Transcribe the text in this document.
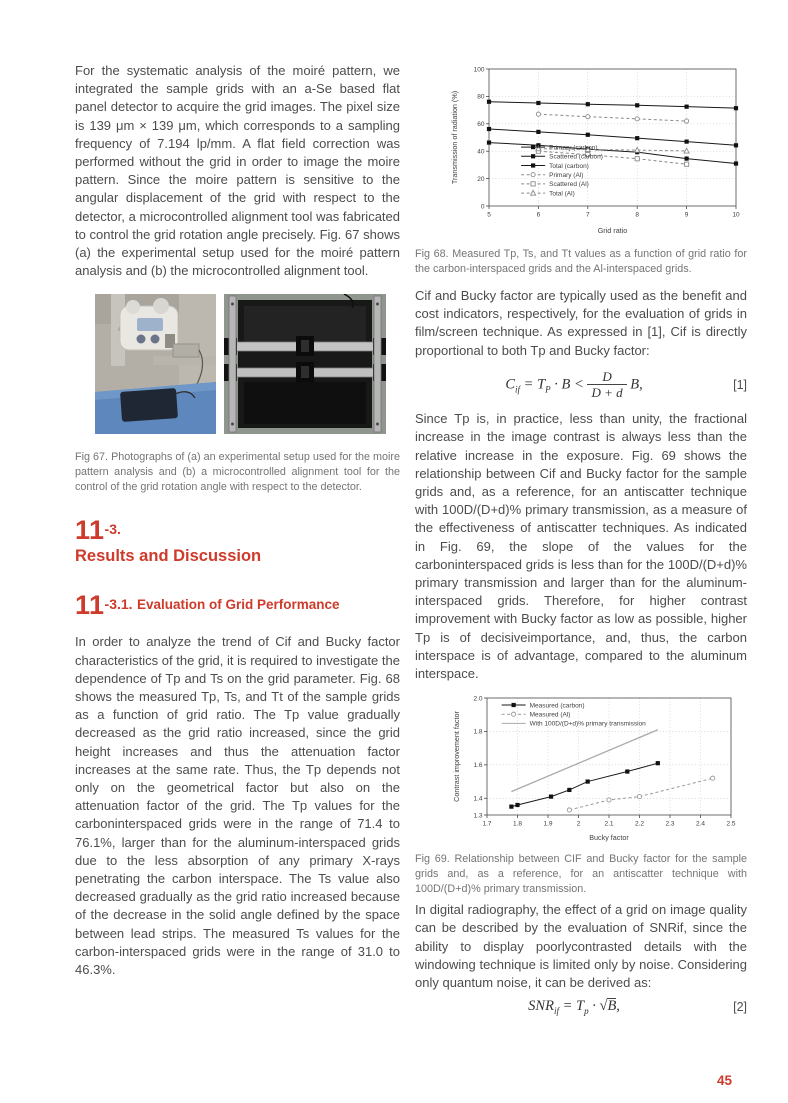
For the systematic analysis of the moiré pattern, we integrated the sample grids with an a-Se based flat panel detector to acquire the grid images. The pixel size is 139 μm × 139 μm, which corresponds to a sampling frequency of 7.194 lp/mm. A flat field correction was performed without the grid in order to image the moire pattern. Since the moire pattern is sensitive to the angular displacement of the grid with respect to the detector, a microcontrolled alignment tool was fabricated to control the grid rotation angle precisely. Fig. 67 shows (a) the experimental setup used for the moiré pattern analysis and (b) the microcontrolled alignment tool.

Fig 67. Photographs of (a) an experimental setup used for the moire pattern analysis and (b) a microcontrolled alignment tool for the control of the grid rotation angle with respect to the detector.

11-3.
Results and Discussion
11-3.1. $^{Evaluation of Grid Performance}$

In order to analyze the trend of Cif and Bucky factor characteristics of the grid, it is required to investigate the dependence of Tp and Ts on the grid parameter. Fig. 68 shows the measured Tp, Ts, and Tt of the sample grids as a function of grid ratio. The Tp value gradually decreased as the grid ratio increased, since the grid height increases and thus the attenuation factor increases at the same rate. Thus, the Tp depends not only on the geometrical factor but also on the attenuation factor of the grid. The Tp values for the carboninterspaced grids were in the range of 71.4 to 76.1%, larger than for the aluminum-interspaced grids due to the less absorption of any primary X-rays penetrating the carbon interspace. The Ts value also decreased gradually as the grid ratio increased because of the decrease in the solid angle defined by the space between lead strips. The measured Ts values for the carbon-interspaced grids were in the range of 31.0 to 46.3%.

5	6	7	8	9	10
0
20
40
60
80
100
Grid ratio
Transmission of radiation (%)	Primary (carbon)
Scattered (carbon)
Total (carbon)
Primary (Al)
Scattered (Al)
Total (Al)

Fig 68. Measured Tp, Ts, and Tt values as a function of grid ratio for the carbon-interspaced grids and the Al-interspaced grids.

Cif and Bucky factor are typically used as the benefit and cost indicators, respectively, for the evaluation of grids in film/screen technique. As expressed in [1], Cif is directly proportional to both Tp and Bucky factor:

$C_{if} = T_P \cdot B < \frac{D}{D + d} B$,	[1]

Since Tp is, in practice, less than unity, the fractional increase in the image contrast is always less than the relative increase in the exposure. Fig. 69 shows the relationship between Cif and Bucky factor for the sample grids and, as a reference, for an antiscatter technique with 100D/(D+d)% primary transmission, as a measure of the effectiveness of antiscatter techniques. As indicated in Fig. 69, the slope of the values for the carboninterspaced grids is less than for the 100D/(D+d)% primary transmission and larger than for the aluminum-interspaced grids. Therefore, for higher contrast improvement with Bucky factor as low as possible, higher Tp is of decisiveimportance, and, thus, the carbon interspace is of advantage, compared to the aluminum interspace.

1.7	1.8	1.9	2	2.1	2.2	2.3	2.4	2.5
1.3
1.4
1.6
1.8
2.0
Bucky factor
Contrast improvement factor
Measured (carbon)
Measured (Al)
With 100D/(D+d)% primary transmission

Fig 69. Relationship between CIF and Bucky factor for the sample grids and, as a reference, for an antiscatter technique with 100D/(D+d)% primary transmission.

In digital radiography, the effect of a grid on image quality can be described by the evaluation of SNRif, since the ability to display poorlycontrasted details with the windowing technique is limited only by noise. Considering only quantum noise, it can be derived as:

$SNR_{if} = T_p \cdot √B$,	[2]
45
